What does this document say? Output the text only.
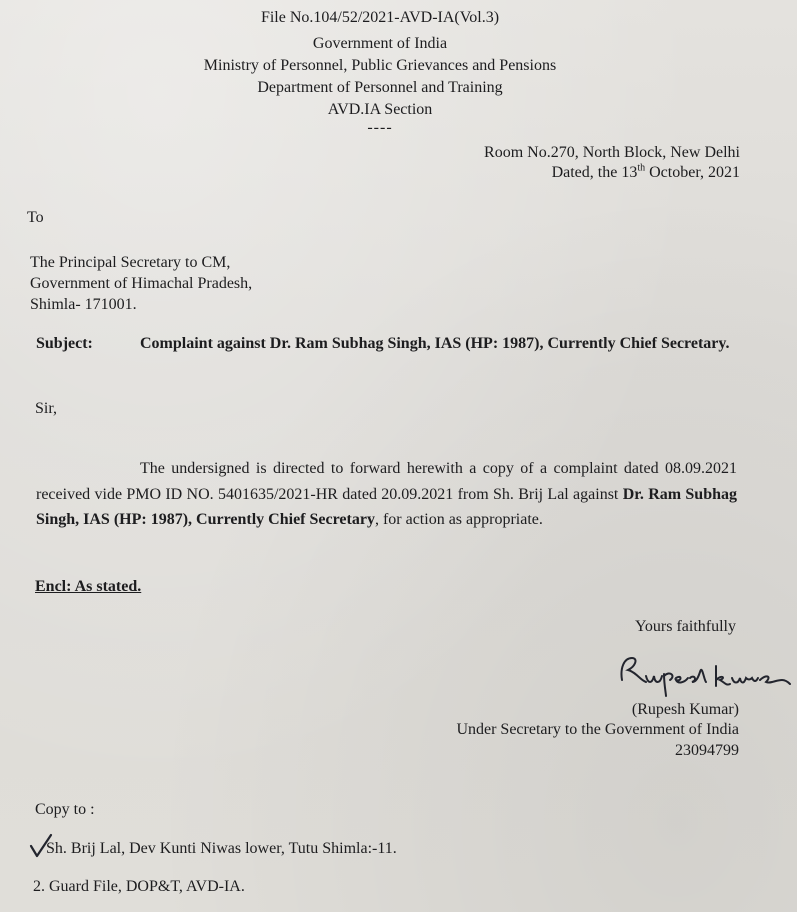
File No.104/52/2021-AVD-IA(Vol.3)
Government of India
Ministry of Personnel, Public Grievances and Pensions
Department of Personnel and Training
AVD.IA Section
----
Room No.270, North Block, New Delhi
Dated, the 13th October, 2021
To
The Principal Secretary to CM,
Government of Himachal Pradesh,
Shimla- 171001.
Subject:	Complaint against Dr. Ram Subhag Singh, IAS (HP: 1987), Currently Chief Secretary.
Sir,
The undersigned is directed to forward herewith a copy of a complaint dated 08.09.2021 received vide PMO ID NO. 5401635/2021-HR dated 20.09.2021 from Sh. Brij Lal against Dr. Ram Subhag Singh, IAS (HP: 1987), Currently Chief Secretary, for action as appropriate.
Encl: As stated.
Yours faithfully
(Rupesh Kumar)
Under Secretary to the Government of India
23094799
Copy to :
Sh. Brij Lal, Dev Kunti Niwas lower, Tutu Shimla:-11.
2. Guard File, DOP&T, AVD-IA.
